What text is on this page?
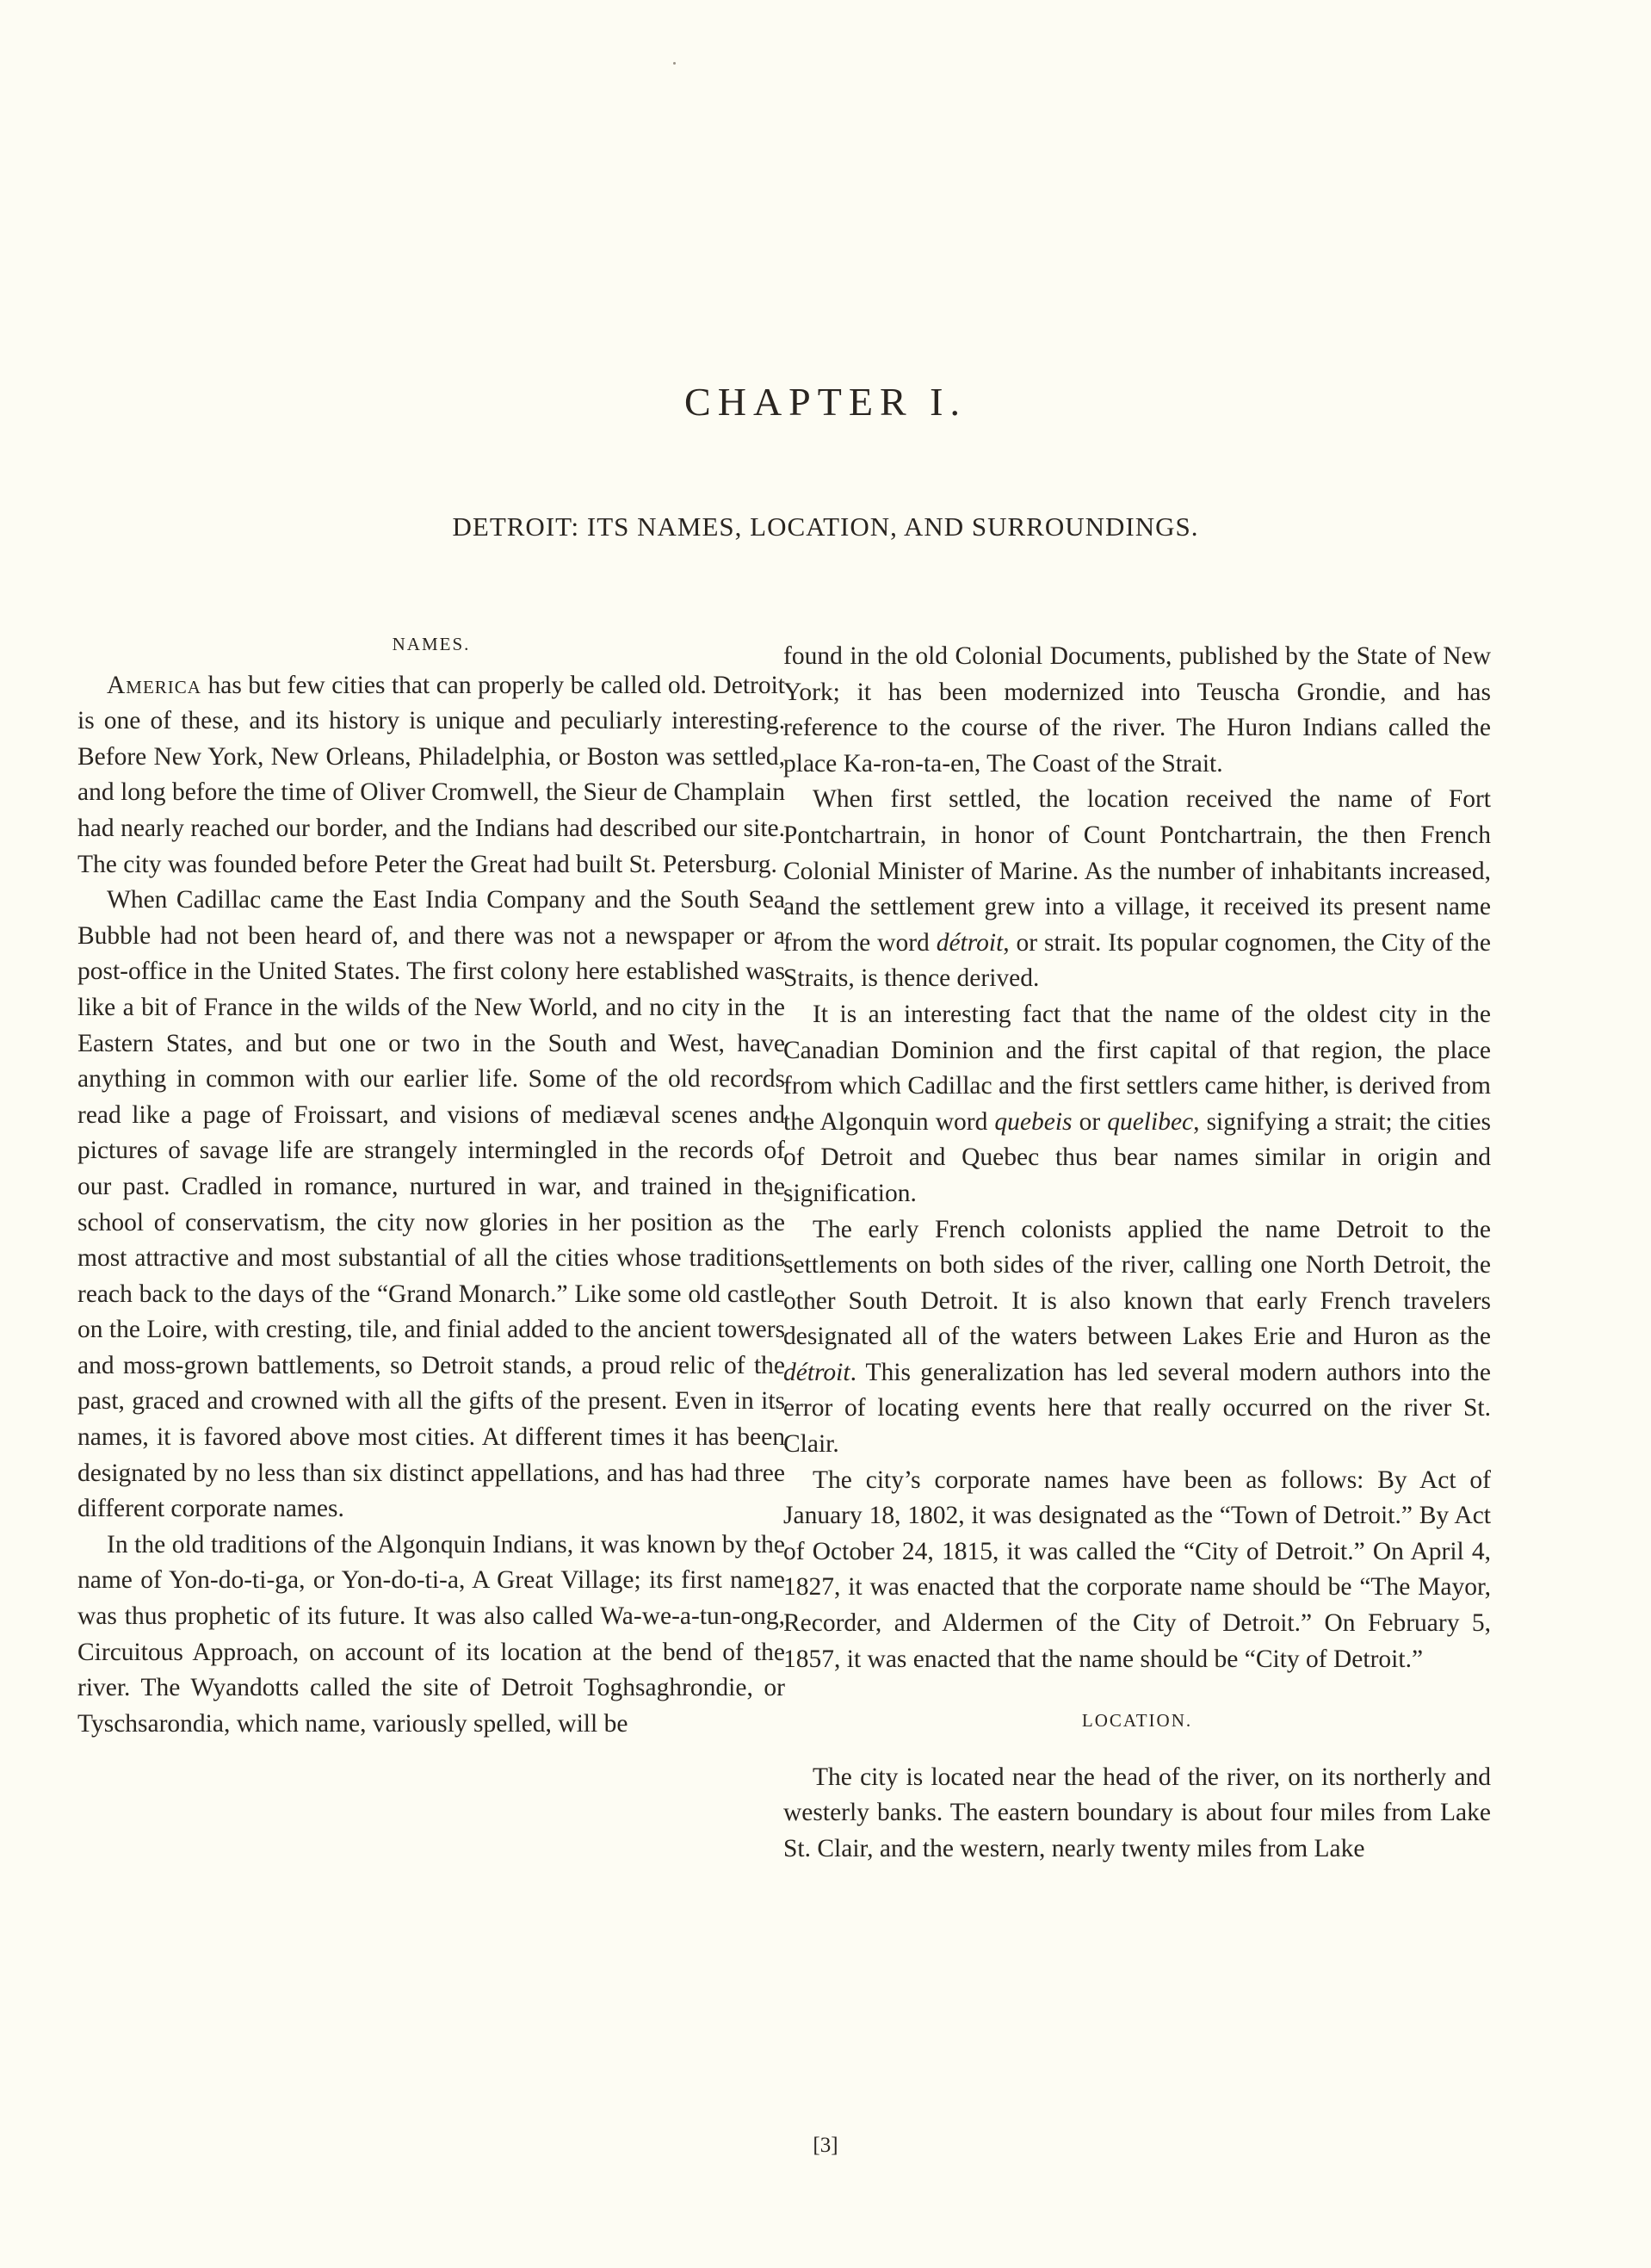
CHAPTER I.
DETROIT: ITS NAMES, LOCATION, AND SURROUNDINGS.
NAMES.

America has but few cities that can properly be called old. Detroit is one of these, and its history is unique and peculiarly interesting. Before New York, New Orleans, Philadelphia, or Boston was settled, and long before the time of Oliver Cromwell, the Sieur de Champlain had nearly reached our border, and the Indians had described our site. The city was founded before Peter the Great had built St. Petersburg.

When Cadillac came the East India Company and the South Sea Bubble had not been heard of, and there was not a newspaper or a post-office in the United States. The first colony here established was like a bit of France in the wilds of the New World, and no city in the Eastern States, and but one or two in the South and West, have anything in common with our earlier life. Some of the old records read like a page of Froissart, and visions of mediæval scenes and pictures of savage life are strangely intermingled in the records of our past. Cradled in romance, nurtured in war, and trained in the school of conservatism, the city now glories in her position as the most attractive and most substantial of all the cities whose traditions reach back to the days of the “Grand Monarch.” Like some old castle on the Loire, with cresting, tile, and finial added to the ancient towers and moss-grown battlements, so Detroit stands, a proud relic of the past, graced and crowned with all the gifts of the present. Even in its names, it is favored above most cities. At different times it has been designated by no less than six distinct appellations, and has had three different corporate names.

In the old traditions of the Algonquin Indians, it was known by the name of Yon-do-ti-ga, or Yon-do-ti-a, A Great Village; its first name was thus prophetic of its future. It was also called Wa-we-a-tun-ong, Circuitous Approach, on account of its location at the bend of the river. The Wyandotts called the site of Detroit Toghsaghrondie, or Tyschsarondia, which name, variously spelled, will be

found in the old Colonial Documents, published by the State of New York; it has been modernized into Teuscha Grondie, and has reference to the course of the river. The Huron Indians called the place Ka-ron-ta-en, The Coast of the Strait.

When first settled, the location received the name of Fort Pontchartrain, in honor of Count Pontchartrain, the then French Colonial Minister of Marine. As the number of inhabitants increased, and the settlement grew into a village, it received its present name from the word détroit, or strait. Its popular cognomen, the City of the Straits, is thence derived.

It is an interesting fact that the name of the oldest city in the Canadian Dominion and the first capital of that region, the place from which Cadillac and the first settlers came hither, is derived from the Algonquin word quebeis or quelibec, signifying a strait; the cities of Detroit and Quebec thus bear names similar in origin and signification.

The early French colonists applied the name Detroit to the settlements on both sides of the river, calling one North Detroit, the other South Detroit. It is also known that early French travelers designated all of the waters between Lakes Erie and Huron as the détroit. This generalization has led several modern authors into the error of locating events here that really occurred on the river St. Clair.

The city’s corporate names have been as follows: By Act of January 18, 1802, it was designated as the “Town of Detroit.” By Act of October 24, 1815, it was called the “City of Detroit.” On April 4, 1827, it was enacted that the corporate name should be “The Mayor, Recorder, and Aldermen of the City of Detroit.” On February 5, 1857, it was enacted that the name should be “City of Detroit.”

LOCATION.

The city is located near the head of the river, on its northerly and westerly banks. The eastern boundary is about four miles from Lake St. Clair, and the western, nearly twenty miles from Lake

[3]
